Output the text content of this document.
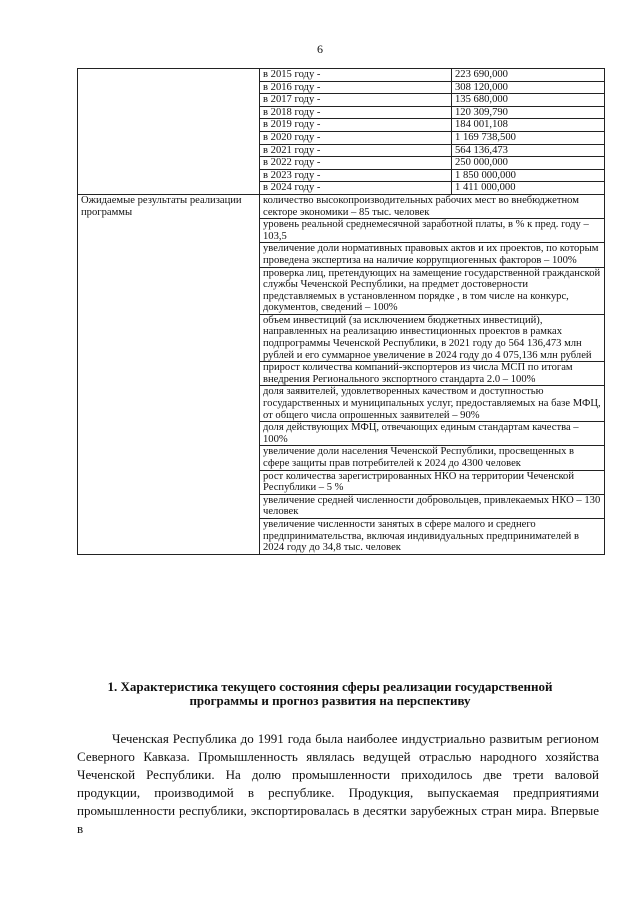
6

в 2015 году -	223 690,000
в 2016 году -	308 120,000
в 2017 году -	135 680,000
в 2018 году -	120 309,790
в 2019 году -	184 001,108
в 2020 году -	1 169 738,500
в 2021 году -	564 136,473
в 2022 году -	250 000,000
в 2023 году -	1 850 000,000
в 2024 году -	1 411 000,000

Ожидаемые результаты реализации программы	
количество высокопроизводительных рабочих мест во внебюджетном секторе экономики – 85 тыс. человек
уровень реальной среднемесячной заработной платы, в % к пред. году – 103,5
увеличение доли нормативных правовых актов и их проектов, по которым проведена экспертиза на наличие коррупциогенных факторов – 100%
проверка лиц, претендующих на замещение государственной гражданской службы Чеченской Республики, на предмет достоверности представляемых в установленном порядке , в том числе на конкурс, документов, сведений – 100%
объем инвестиций (за исключением бюджетных инвестиций), направленных на реализацию инвестиционных проектов в рамках подпрограммы Чеченской Республики, в 2021 году до 564 136,473 млн рублей и его суммарное увеличение в 2024 году до 4 075,136 млн рублей
прирост количества компаний-экспортеров из числа МСП по итогам внедрения Регионального экспортного стандарта 2.0 – 100%
доля заявителей, удовлетворенных качеством и доступностью государственных и муниципальных услуг, предоставляемых на базе МФЦ, от общего числа опрошенных заявителей – 90%
доля действующих МФЦ, отвечающих единым стандартам качества – 100%
увеличение доли населения Чеченской Республики, просвещенных в сфере защиты прав потребителей к 2024 до 4300 человек
рост количества зарегистрированных НКО на территории Чеченской Республики – 5 %
увеличение средней численности добровольцев, привлекаемых НКО – 130 человек
увеличение численности занятых в сфере малого и среднего предпринимательства, включая индивидуальных предпринимателей в 2024 году до 34,8 тыс. человек
1. Характеристика текущего состояния сферы реализации государственной программы и прогноз развития на перспективу
Чеченская Республика до 1991 года была наиболее индустриально развитым регионом Северного Кавказа. Промышленность являлась ведущей отраслью народного хозяйства Чеченской Республики. На долю промышленности приходилось две трети валовой продукции, производимой в республике. Продукция, выпускаемая предприятиями промышленности республики, экспортировалась в десятки зарубежных стран мира. Впервые в
